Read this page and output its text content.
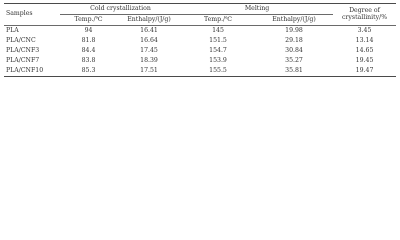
Samples	Cold crystallization		Melting		Degree of crystallinity/%
	Temp./℃	Enthalpy/(J/g)	Temp./℃	Enthalpy/(J/g)	
PLA	94	16.41	145	19.98	3.45
PLA/CNC	81.8	16.64	151.5	29.18	13.14
PLA/CNF3	84.4	17.45	154.7	30.84	14.65
PLA/CNF7	83.8	18.39	153.9	35.27	19.45
PLA/CNF10	85.3	17.51	155.5	35.81	19.47
